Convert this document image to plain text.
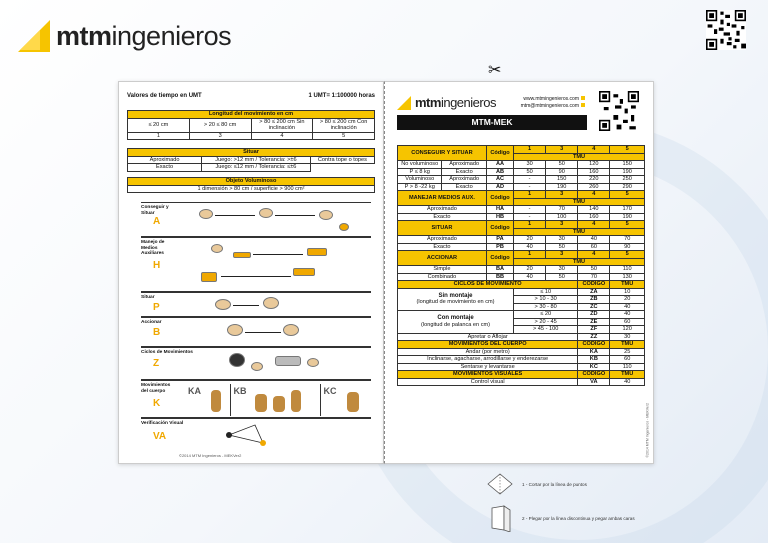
mtmingenieros
✂
Valores de tiempo en UMT	1 UMT= 1:100000 horas
Longitud del movimiento en cm			
≤ 20 cm	> 20 ≤ 80 cm	> 80 ≤ 200 cm Sin inclinación	> 80 ≤ 200 cm Con inclinación
1	3	4	5
Situar		
Aproximado	Juego: >12 mm / Tolerancia: >±6	Contra tope o topes
Exacto	Juego: ≤12 mm / Tolerancia: ≤±6	
Objeto Voluminoso
1 dimensión > 80 cm / superficie > 900 cm²
Conseguir y Situar
A
Manejo de Medios Auxiliares
H
Situar
P
Accionar
B
Ciclos de Movimientos
Z
Movimientos del cuerpo
K
KA	KB	KC
Verificación Visual
VA
©2014 MTM Ingenieros - MEKVer2
mtmingenieros	www.mtmingenieros.com
mtm@mtmingenieros.com
MTM-MEK
CONSEGUIR Y SITUAR		Código	1	3	4	5
			TMU			
No voluminoso	Aproximado	AA	30	50	120	150
P ≤ 8 kg	Exacto	AB	50	90	160	190
Voluminoso	Aproximado	AC	-	150	220	250
P > 8 -22 kg	Exacto	AD	-	190	260	290
MANEJAR MEDIOS AUX.		Código	1	3	4	5
			TMU			
Aproximado		HA	-	70	140	170
Exacto		HB	-	100	160	190
SITUAR		Código	1	3	4	5
			TMU			
Aproximado		PA	20	30	40	70
Exacto		PB	40	50	60	90
ACCIONAR		Código	1	3	4	5
			TMU			
Simple		BA	20	30	50	110
Combinado		BB	40	50	70	130
CICLOS DE MOVIMIENTO					CODIGO	TMU

Sin montaje
(longitud de movimiento en cm)			≤ 10		ZA	10
			> 10 - 30		ZB	20
			> 30 - 80		ZC	40

Con montaje
(longitud de palanca en cm)			≤ 20		ZD	40
			> 20 - 45		ZE	60
			> 45 - 100		ZF	120
Apretar o Aflojar					ZZ	30
MOVIMIENTOS DEL CUERPO					CODIGO	TMU
Andar (por metro)					KA	25
Inclinarse, agacharse, arrodillarse y enderezarse					KB	60
Sentarse y levantarse					KC	110
MOVIMIENTOS VISUALES					CODIGO	TMU
Control visual					VA	40
©2014 MTM Ingenieros - MEKVer2
1 - Cortar por la línea de puntos
2 - Plegar por la línea discontinua y pegar ambas caras
